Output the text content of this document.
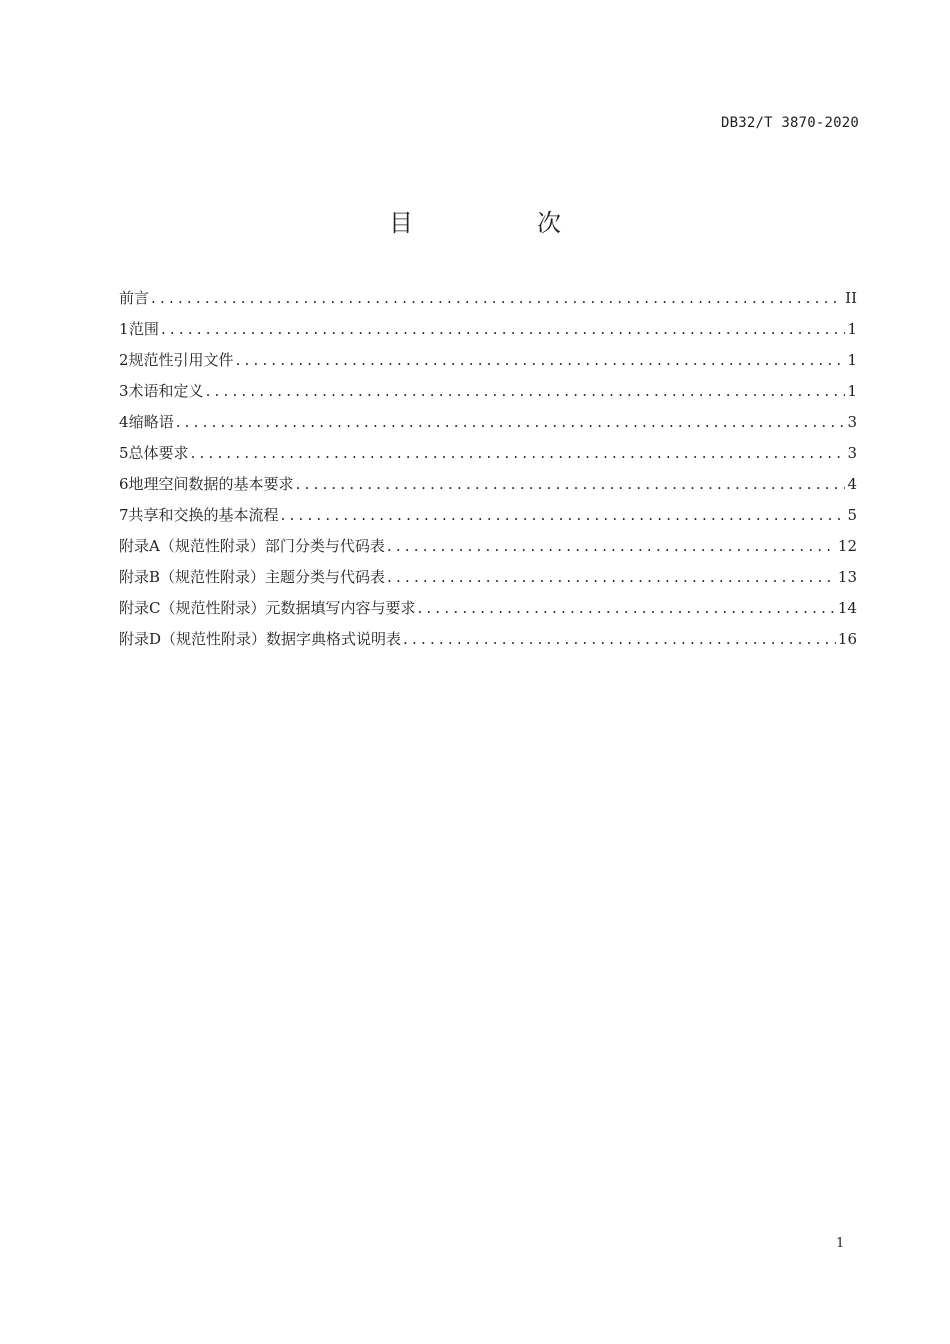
DB32/T 3870-2020
目　次
前言 .....	II
1 范围 .....	1
2 规范性引用文件 .....	1
3 术语和定义 .....	1
4 缩略语 .....	3
5 总体要求 .....	3
6 地理空间数据的基本要求 .....	4
7 共享和交换的基本流程 .....	5
附录A（规范性附录） 部门分类与代码表 .....	12
附录B（规范性附录） 主题分类与代码表 .....	13
附录C（规范性附录） 元数据填写内容与要求 .....	14
附录D（规范性附录） 数据字典格式说明表 .....	16
1
